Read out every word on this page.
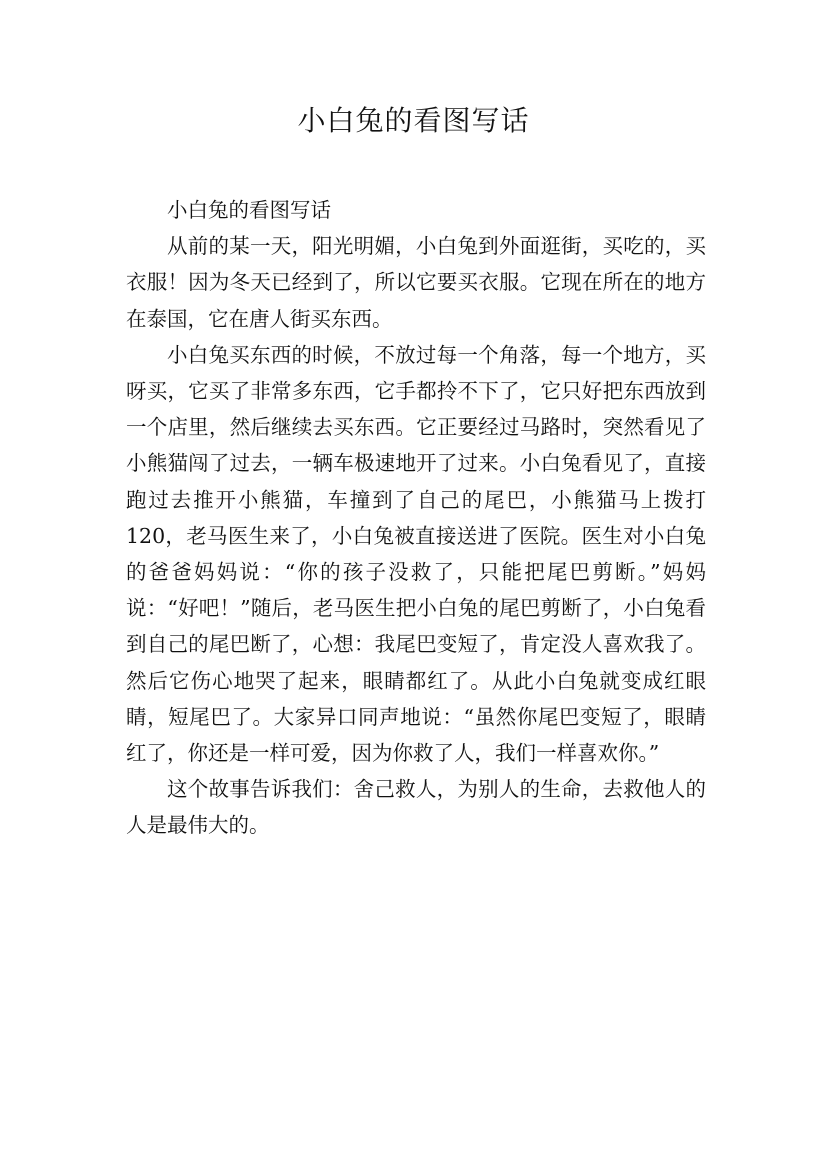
小白兔的看图写话

小白兔的看图写话

从前的某一天，阳光明媚，小白兔到外面逛街，买吃的，买衣服！因为冬天已经到了，所以它要买衣服。它现在所在的地方在泰国，它在唐人街买东西。

小白兔买东西的时候，不放过每一个角落，每一个地方，买呀买，它买了非常多东西，它手都拎不下了，它只好把东西放到一个店里，然后继续去买东西。它正要经过马路时，突然看见了小熊猫闯了过去，一辆车极速地开了过来。小白兔看见了，直接跑过去推开小熊猫，车撞到了自己的尾巴，小熊猫马上拨打120，老马医生来了，小白兔被直接送进了医院。医生对小白兔的爸爸妈妈说：“你的孩子没救了，只能把尾巴剪断。”妈妈说：“好吧！”随后，老马医生把小白兔的尾巴剪断了，小白兔看到自己的尾巴断了，心想：我尾巴变短了，肯定没人喜欢我了。然后它伤心地哭了起来，眼睛都红了。从此小白兔就变成红眼睛，短尾巴了。大家异口同声地说：“虽然你尾巴变短了，眼睛红了，你还是一样可爱，因为你救了人，我们一样喜欢你。”

这个故事告诉我们：舍己救人，为别人的生命，去救他人的人是最伟大的。
